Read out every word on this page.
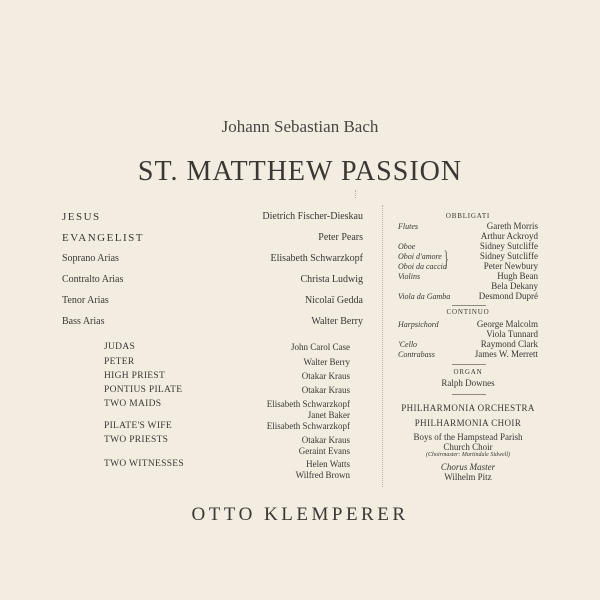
Johann Sebastian Bach
ST. MATTHEW PASSION
JESUS	Dietrich Fischer-Dieskau
EVANGELIST	Peter Pears
Soprano Arias	Elisabeth Schwarzkopf
Contralto Arias	Christa Ludwig
Tenor Arias	Nicolaï Gedda
Bass Arias	Walter Berry
JUDAS	John Carol Case
PETER	Walter Berry
HIGH PRIEST	Otakar Kraus
PONTIUS PILATE	Otakar Kraus
TWO MAIDS	Elisabeth Schwarzkopf
Janet Baker
PILATE'S WIFE	Elisabeth Schwarzkopf
TWO PRIESTS	Otakar Kraus
Geraint Evans
TWO WITNESSES	Helen Watts
Wilfred Brown
OBBLIGATI
Flutes	Gareth Morris
Arthur Ackroyd
Oboe	Sidney Sutcliffe
Oboi d'amore	Sidney Sutcliffe
Oboi da caccia	Peter Newbury
}
Violins	Hugh Bean
Bela Dekany
Viola da Gamba	Desmond Dupré
CONTINUO
Harpsichord	George Malcolm
Viola Tunnard
'Cello	Raymond Clark
Contrabass	James W. Merrett
ORGAN
Ralph Downes
PHILHARMONIA ORCHESTRA
PHILHARMONIA CHOIR
Boys of the Hampstead Parish
Church Choir
(Choirmaster: Martindale Sidwell)
Chorus Master
Wilhelm Pitz
OTTO KLEMPERER
